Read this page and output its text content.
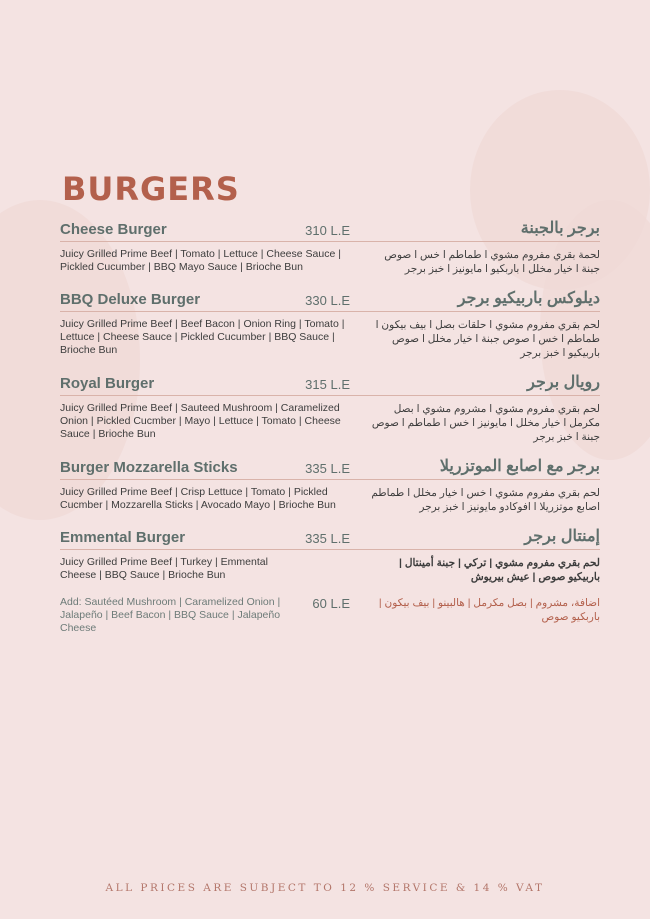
BURGERS
Cheese Burger	310 L.E	برجر بالجبنة
Juicy Grilled Prime Beef | Tomato | Lettuce | Cheese Sauce | Pickled Cucumber | BBQ Mayo Sauce | Brioche Bun
لحمة بقري مفروم مشوي ا طماطم ا خس ا صوص جبنة ا خيار مخلل ا باربكيو ا مايونيز ا خبز برجر
BBQ Deluxe Burger	330 L.E	ديلوكس باربيكيو برجر
Juicy Grilled Prime Beef | Beef Bacon | Onion Ring | Tomato | Lettuce | Cheese Sauce | Pickled Cucumber | BBQ Sauce | Brioche Bun
لحم بقري مفروم مشوي ا حلقات بصل ا بيف بيكون ا طماطم ا خس ا صوص جبنة ا خيار مخلل ا صوص باربيكيو ا خبز برجر
Royal Burger	315 L.E	رويال برجر
Juicy Grilled Prime Beef | Sauteed Mushroom | Caramelized Onion | Pickled Cucmber | Mayo | Lettuce | Tomato | Cheese Sauce | Brioche Bun
لحم بقري مفروم مشوي ا مشروم مشوي ا بصل مكرمل ا خيار مخلل ا مايونيز ا خس ا طماطم ا صوص جبنة ا خبز برجر
Burger Mozzarella Sticks	335 L.E	برجر مع اصابع الموتزريلا
Juicy Grilled Prime Beef | Crisp Lettuce | Tomato | Pickled Cucmber | Mozzarella Sticks | Avocado Mayo | Brioche Bun
لحم بقري مفروم مشوي ا خس ا خيار مخلل ا طماطم اصابع موتزريلا ا افوكادو مايونيز ا خبز برجر
Emmental Burger	335 L.E	إمنتال برجر
Juicy Grilled Prime Beef | Turkey | Emmental Cheese | BBQ Sauce | Brioche Bun
لحم بقري مفروم مشوي | تركي | جبنة أمينتال | باربيكيو صوص | عيش بيريوش
Add: Sautéed Mushroom | Caramelized Onion | Jalapeño | Beef Bacon | BBQ Sauce | Jalapeño Cheese
60 L.E	اضافة، مشروم | بصل مكرمل | هالبينو | بيف بيكون | باربكيو صوص
ALL PRICES ARE SUBJECT TO 12 % SERVICE & 14 % VAT
